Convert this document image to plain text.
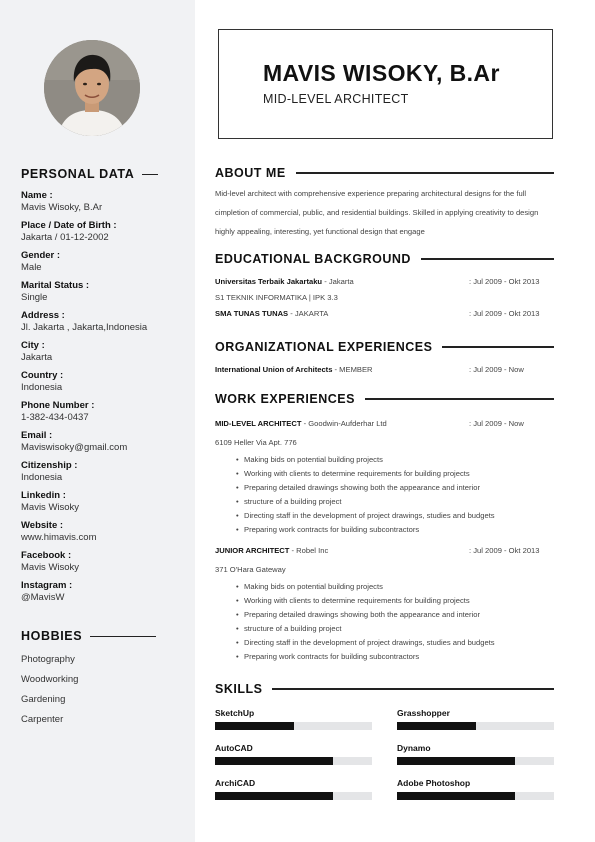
PERSONAL DATA
Name :
Mavis Wisoky, B.Ar
Place / Date of Birth :
Jakarta / 01-12-2002
Gender :
Male
Marital Status :
Single
Address :
Jl. Jakarta , Jakarta,Indonesia
City :
Jakarta
Country :
Indonesia
Phone Number :
1-382-434-0437
Email :
Maviswisoky@gmail.com
Citizenship :
Indonesia
Linkedin :
Mavis Wisoky
Website :
www.himavis.com
Facebook :
Mavis Wisoky
Instagram :
@MavisW
HOBBIES
Photography
Woodworking
Gardening
Carpenter
MAVIS WISOKY, B.Ar
MID-LEVEL ARCHITECT
ABOUT ME
Mid-level architect with comprehensive experience preparing architectural designs for the full cimpletion of commercial, public, and residential buildings. Skilled in applying creativity to design highly appealing, interesting, yet functional design that engage
EDUCATIONAL BACKGROUND
Universitas Terbaik Jakartaku - Jakarta	: Jul 2009 - Okt 2013
S1 TEKNIK INFORMATIKA | IPK 3.3
SMA TUNAS TUNAS - JAKARTA	: Jul 2009 - Okt 2013
ORGANIZATIONAL EXPERIENCES
International Union of Architects - MEMBER	: Jul 2009 - Now
WORK EXPERIENCES
MID-LEVEL ARCHITECT - Goodwin-Aufderhar Ltd	: Jul 2009 - Now
6109 Heller Via Apt. 776
• Making bids on potential building projects
• Working with clients to determine requirements for building projects
• Preparing detailed drawings showing both the appearance and interior
• structure of a building project
• Directing staff in the development of project drawings, studies and budgets
• Preparing work contracts for building subcontractors
JUNIOR ARCHITECT - Robel Inc	: Jul 2009 - Okt 2013
371 O'Hara Gateway
• Making bids on potential building projects
• Working with clients to determine requirements for building projects
• Preparing detailed drawings showing both the appearance and interior
• structure of a building project
• Directing staff in the development of project drawings, studies and budgets
• Preparing work contracts for building subcontractors
SKILLS
SketchUp	Grasshopper
AutoCAD	Dynamo
ArchiCAD	Adobe Photoshop
